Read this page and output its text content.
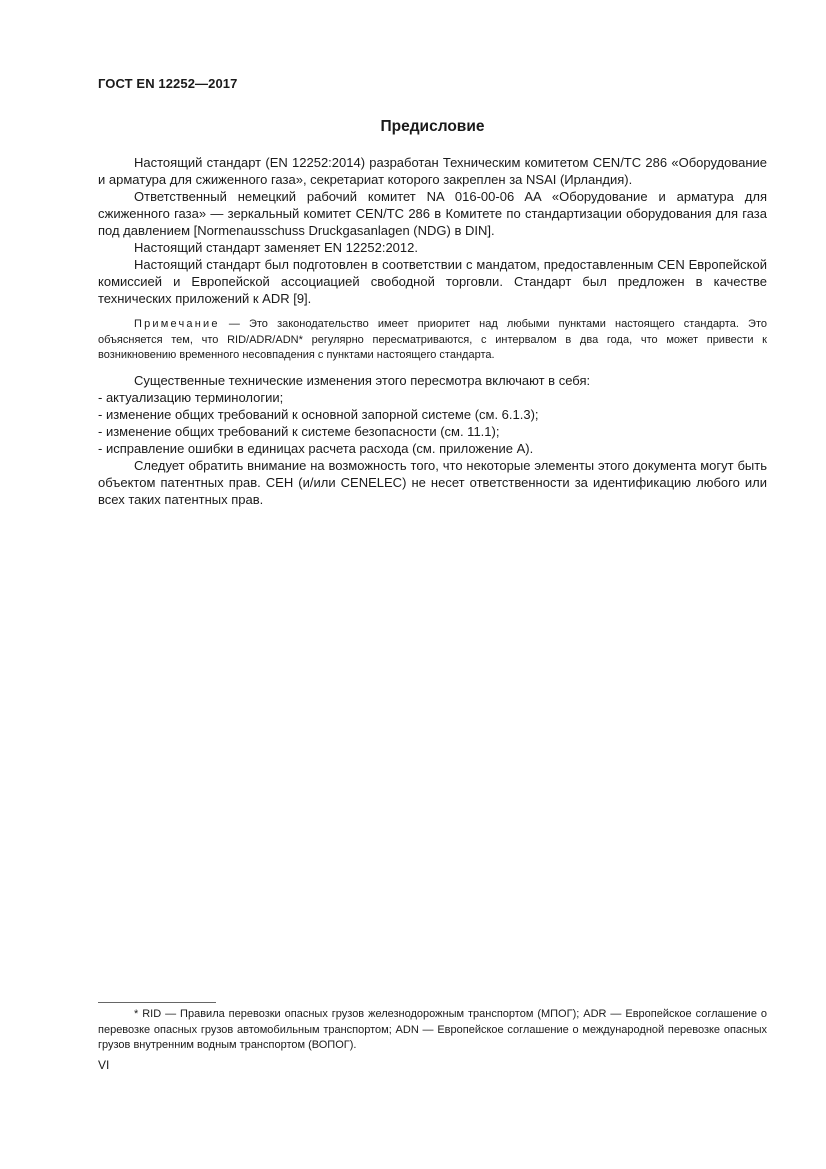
ГОСТ EN 12252—2017
Предисловие

Настоящий стандарт (EN 12252:2014) разработан Техническим комитетом CEN/TC 286 «Оборудование и арматура для сжиженного газа», секретариат которого закреплен за NSAI (Ирландия).

Ответственный немецкий рабочий комитет NA 016-00-06 AA «Оборудование и арматура для сжиженного газа» — зеркальный комитет CEN/TC 286 в Комитете по стандартизации оборудования для газа под давлением [Normenausschuss Druckgasanlagen (NDG) в DIN].

Настоящий стандарт заменяет EN 12252:2012.

Настоящий стандарт был подготовлен в соответствии с мандатом, предоставленным CEN Европейской комиссией и Европейской ассоциацией свободной торговли. Стандарт был предложен в качестве технических приложений к ADR [9].

Примечание — Это законодательство имеет приоритет над любыми пунктами настоящего стандарта. Это объясняется тем, что RID/ADR/ADN* регулярно пересматриваются, с интервалом в два года, что может привести к возникновению временного несовпадения с пунктами настоящего стандарта.

Существенные технические изменения этого пересмотра включают в себя:

- актуализацию терминологии;
- изменение общих требований к основной запорной системе (см. 6.1.3);
- изменение общих требований к системе безопасности (см. 11.1);
- исправление ошибки в единицах расчета расхода (см. приложение А).

Следует обратить внимание на возможность того, что некоторые элементы этого документа могут быть объектом патентных прав. CEH (и/или CENELEC) не несет ответственности за идентификацию любого или всех таких патентных прав.

* RID — Правила перевозки опасных грузов железнодорожным транспортом (МПОГ); ADR — Европейское соглашение о перевозке опасных грузов автомобильным транспортом; ADN — Европейское соглашение о международной перевозке опасных грузов внутренним водным транспортом (ВОПОГ).
VI
